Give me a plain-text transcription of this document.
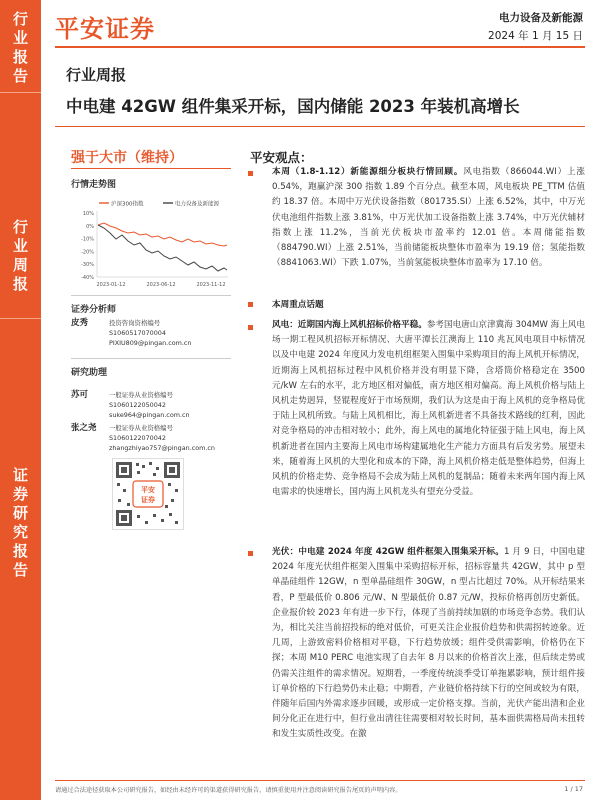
行
业
报
告
行
业
周
报
证
券
研
究
报
告
平安证券	电力设备及新能源
2024 年 1 月 15 日
行业周报
中电建 42GW 组件集采开标，国内储能 2023 年装机高增长
强于大市（维持）
行情走势图
沪深300指数	电力设备及新能源
10%
0%
-10%
-20%
-30%
-40%
2023-01-12	2023-06-12	2023-11-12
证券分析师
皮秀	投资咨询资格编号
S1060517070004
PIXIU809@pingan.com.cn
研究助理
苏可	一般证券从业资格编号
S1060122050042
suke964@pingan.com.cn
张之尧 一般证券从业资格编号
S1060122070042
zhangzhiyao757@pingan.com.cn
平安
证券
平安观点：
本周（1.8-1.12）新能源细分板块行情回顾。风电指数（866044.WI）上涨 0.54%，跑赢沪深 300 指数 1.89 个百分点。截至本周，风电板块 PE_TTM 估值约 18.37 倍。本周中万光伏设备指数（801735.SI）上涨 6.52%，其中，中万光伏电池组件指数上涨 3.81%，中万光伏加工设备指数上涨 3.74%，中万光伏辅材指数上涨 11.2%，当前光伏板块市盈率约 12.01 倍。本周储能指数（884790.WI）上涨 2.51%，当前储能板块整体市盈率为 19.19 倍；氢能指数（8841063.WI）下跌 1.07%，当前氢能板块整体市盈率为 17.10 倍。
本周重点话题
风电：近期国内海上风机招标价格平稳。参考国电唐山京津冀海 304MW 海上风电场一期工程风机招标开标情况、大唐平潭长江澳海上 110 兆瓦风电项目中标情况以及中电建 2024 年度风力发电机组框架入围集中采购项目的海上风机开标情况，近期海上风机招标过程中风机价格并没有明显下降，含塔筒价格稳定在 3500 元/kW 左右的水平，北方地区相对偏低，南方地区相对偏高。海上风机价格与陆上风机走势迥异，竖锟程度好于市场预期，我们认为这是由于海上风机的竞争格局优于陆上风机所致。与陆上风机相比，海上风机新进者不具备技术路线的红利，因此对竞争格局的冲击相对较小；此外，海上风电的属地化特征强于陆上风电，海上风机新进者在国内主要海上风电市场构建属地化生产能力方面具有后发劣势。展望未来，随着海上风机的大型化和成本的下降，海上风机价格走低是整体趋势，但海上风机的价格走势、竞争格局不会成为陆上风机的复制品；随着未来两年国内海上风电需求的快速增长，国内海上风机龙头有望充分受益。
光伏：中电建 2024 年度 42GW 组件框架入围集采开标。1 月 9 日，中国电建 2024 年度光伏组件框架入围集中采购招标开标，招标容量共 42GW，其中 p 型单晶硅组件 12GW，n 型单晶硅组件 30GW，n 型占比超过 70%。从开标结果来看，P 型最低价 0.806 元/W、N 型最低价 0.87 元/W，投标价格再创历史新低。企业报价较 2023 年有进一步下行，体现了当前持续加剧的市场竞争态势。我们认为，相比关注当前招投标的绝对低价，可更关注企业报价趋势和供需拐转迹象。近几周，上游致密料价格相对平稳，下行趋势放缓；组件受供需影响，价格仍在下探；本周 M10 PERC 电池实现了自去年 8 月以来的价格首次上涨，但后续走势或仍需关注组件的需求情况。短期看，一季度传统淡季受订单拖累影响，预计组件接订单价格的下行趋势仍未止稳；中期看，产业链价格持续下行的空间或较为有限，伴随年后国内外需求逐步回暖，或形成一定价格支撑。当前，光伏产能出清和企业间分化正在进行中，但行业出清往往需要相对较长时间，基本面供需格局尚未扭转和发生实质性改变。在激
请通过合法途径获取本公司研究报告，如经由未经许可的渠道获得研究报告，请慎重使用并注意阅读研究报告尾页的声明内容。	1 / 17
